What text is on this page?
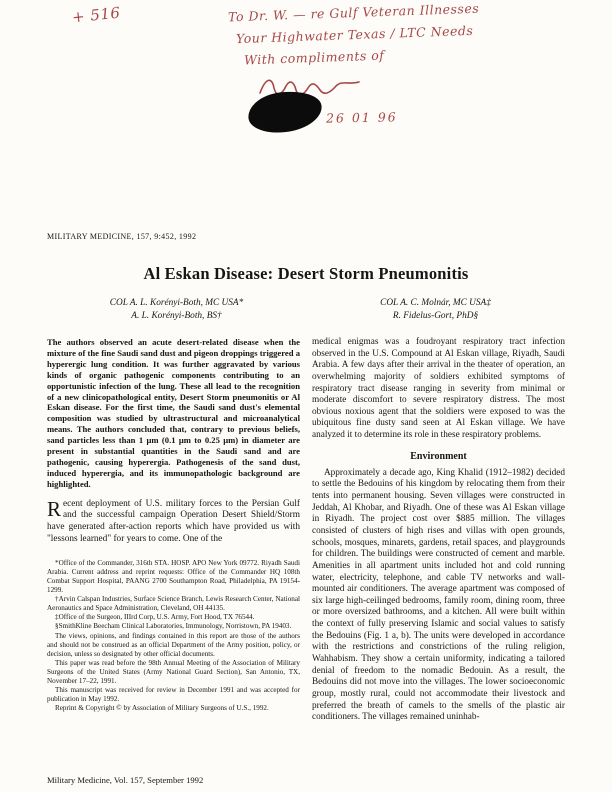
+ 516	To Dr. W. — re Gulf Veteran Illnesses
Your Highwater Texas / LTC Needs
With compliments of
26 01 96
MILITARY MEDICINE, 157, 9:452, 1992
Al Eskan Disease: Desert Storm Pneumonitis
COL A. L. Korényi-Both, MC USA*
A. L. Korényi-Both, BS†
COL A. C. Molnár, MC USA‡
R. Fidelus-Gort, PhD§

The authors observed an acute desert-related disease when the mixture of the fine Saudi sand dust and pigeon droppings triggered a hyperergic lung condition. It was further aggravated by various kinds of organic pathogenic components contributing to an opportunistic infection of the lung. These all lead to the recognition of a new clinicopathological entity, Desert Storm pneumonitis or Al Eskan disease. For the first time, the Saudi sand dust's elemental composition was studied by ultrastructural and microanalytical means. The authors concluded that, contrary to previous beliefs, sand particles less than 1 μm (0.1 μm to 0.25 μm) in diameter are present in substantial quantities in the Saudi sand and are pathogenic, causing hyperergia. Pathogenesis of the sand dust, induced hyperergia, and its immunopathologic background are highlighted.

Recent deployment of U.S. military forces to the Persian Gulf and the successful campaign Operation Desert Shield/Storm have generated after-action reports which have provided us with "lessons learned" for years to come. One of the

*Office of the Commander, 316th STA. HOSP. APO New York 09772. Riyadh Saudi Arabia. Current address and reprint requests: Office of the Commander HQ 108th Combat Support Hospital, PAANG 2700 Southampton Road, Philadelphia, PA 19154-1299.

†Arvin Calspan Industries, Surface Science Branch, Lewis Research Center, National Aeronautics and Space Administration, Cleveland, OH 44135.

‡Office of the Surgeon, IIIrd Corp, U.S. Army, Fort Hood, TX 76544.

§SmithKline Beecham Clinical Laboratories, Immunology, Norristown, PA 19403.

The views, opinions, and findings contained in this report are those of the authors and should not be construed as an official Department of the Army position, policy, or decision, unless so designated by other official documents.

This paper was read before the 98th Annual Meeting of the Association of Military Surgeons of the United States (Army National Guard Section), San Antonio, TX, November 17–22, 1991.

This manuscript was received for review in December 1991 and was accepted for publication in May 1992.

Reprint & Copyright © by Association of Military Surgeons of U.S., 1992.

medical enigmas was a foudroyant respiratory tract infection observed in the U.S. Compound at Al Eskan village, Riyadh, Saudi Arabia. A few days after their arrival in the theater of operation, an overwhelming majority of soldiers exhibited symptoms of respiratory tract disease ranging in severity from minimal or moderate discomfort to severe respiratory distress. The most obvious noxious agent that the soldiers were exposed to was the ubiquitous fine dusty sand seen at Al Eskan village. We have analyzed it to determine its role in these respiratory problems.

Environment

Approximately a decade ago, King Khalid (1912–1982) decided to settle the Bedouins of his kingdom by relocating them from their tents into permanent housing. Seven villages were constructed in Jeddah, Al Khobar, and Riyadh. One of these was Al Eskan village in Riyadh. The project cost over $885 million. The villages consisted of clusters of high rises and villas with open grounds, schools, mosques, minarets, gardens, retail spaces, and playgrounds for children. The buildings were constructed of cement and marble. Amenities in all apartment units included hot and cold running water, electricity, telephone, and cable TV networks and wall-mounted air conditioners. The average apartment was composed of six large high-ceilinged bedrooms, family room, dining room, three or more oversized bathrooms, and a kitchen. All were built within the context of fully preserving Islamic and social values to satisfy the Bedouins (Fig. 1 a, b). The units were developed in accordance with the restrictions and constrictions of the ruling religion, Wahhabism. They show a certain uniformity, indicating a tailored denial of freedom to the nomadic Bedouin. As a result, the Bedouins did not move into the villages. The lower socioeconomic group, mostly rural, could not accommodate their livestock and preferred the breath of camels to the smells of the plastic air conditioners. The villages remained uninhab-

Military Medicine, Vol. 157, September 1992
